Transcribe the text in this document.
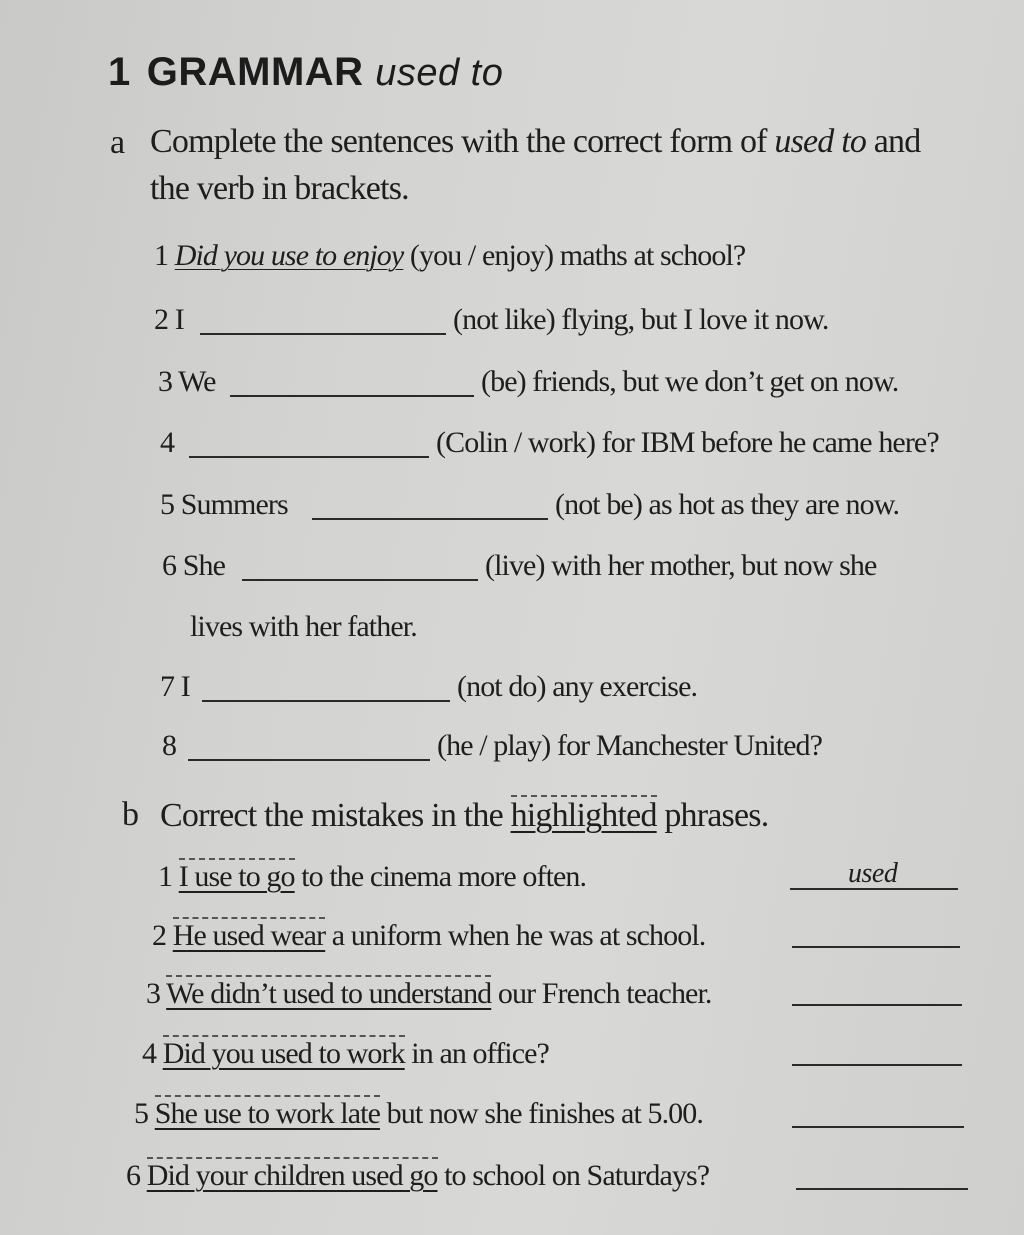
1 GRAMMAR used to
a Complete the sentences with the correct form of used to and
the verb in brackets.
1 Did you use to enjoy (you / enjoy) maths at school?
2 I	(not like) flying, but I love it now.
3 We	(be) friends, but we don’t get on now.
4	(Colin / work) for IBM before he came here?
5 Summers	(not be) as hot as they are now.
6 She	(live) with her mother, but now she
lives with her father.
7 I	(not do) any exercise.
8	(he / play) for Manchester United?
b Correct the mistakes in the highlighted phrases.
1 I use to go to the cinema more often.	used
2 He used wear a uniform when he was at school.
3 We didn’t used to understand our French teacher.
4 Did you used to work in an office?
5 She use to work late but now she finishes at 5.00.
6 Did your children used go to school on Saturdays?
